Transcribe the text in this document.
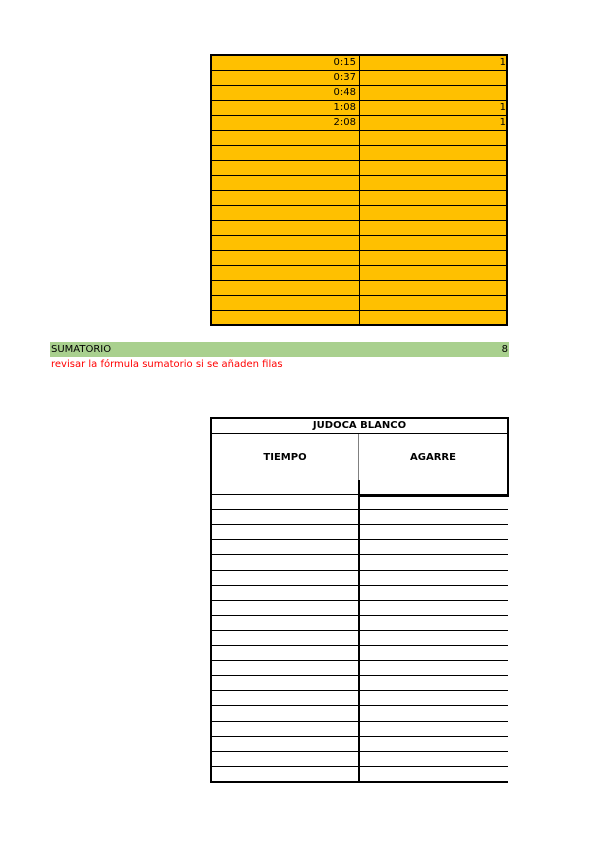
0:15	1
0:37
0:48
1:08	1
2:08	1
SUMATORIO	8
revisar la fórmula sumatorio si se añaden filas
JUDOCA BLANCO
TIEMPO	AGARRE
